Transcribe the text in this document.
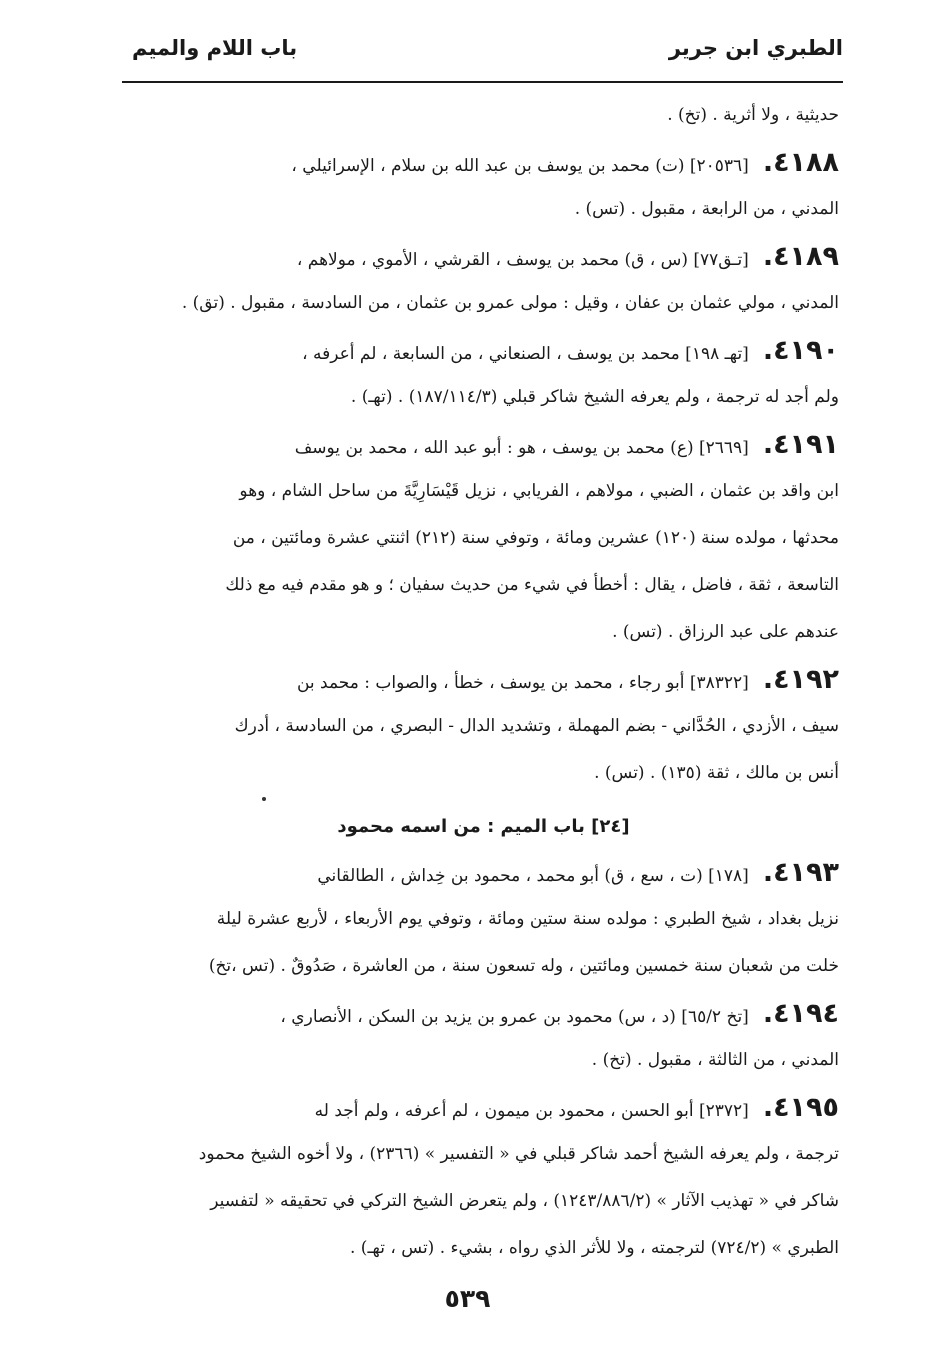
الطبري ابن جرير
باب اللام والميم
حديثية ، ولا أثرية . (تخ) .
٤١٨٨.[٢٠٥٣٦] (ت) محمد بن يوسف بن عبد الله بن سلام ، الإسرائيلي ،
المدني ، من الرابعة ، مقبول . (تس) .
٤١٨٩.[تـق٧٧] (س ، ق) محمد بن يوسف ، القرشي ، الأموي ، مولاهم ،
المدني ، مولي عثمان بن عفان ، وقيل : مولى عمرو بن عثمان ، من السادسة ، مقبول . (تق) .
٤١٩٠.[تهـ ١٩٨] محمد بن يوسف ، الصنعاني ، من السابعة ، لم أعرفه ،
ولم أجد له ترجمة ، ولم يعرفه الشيخ شاكر قبلي (١٨٧/١١٤/٣) . (تهـ) .
٤١٩١.[٢٦٦٩] (ع) محمد بن يوسف ، هو : أبو عبد الله ، محمد بن يوسف
ابن واقد بن عثمان ، الضبي ، مولاهم ، الفريابي ، نزيل قَيْسَارِيَّةَ من ساحل الشام ، وهو
محدثها ، مولده سنة (١٢٠) عشرين ومائة ، وتوفي سنة (٢١٢) اثنتي عشرة ومائتين ، من
التاسعة ، ثقة ، فاضل ، يقال : أخطأ في شيء من حديث سفيان ؛ و هو مقدم فيه مع ذلك
عندهم على عبد الرزاق . (تس) .
٤١٩٢.[٣٨٣٢٢] أبو رجاء ، محمد بن يوسف ، خطأ ، والصواب : محمد بن
سيف ، الأزدي ، الحُدَّاني - بضم المهملة ، وتشديد الدال - البصري ، من السادسة ، أدرك
أنس بن مالك ، ثقة (١٣٥) . (تس) .
[٢٤] باب الميم : من اسمه محمود
٤١٩٣.[١٧٨] (ت ، سع ، ق) أبو محمد ، محمود بن خِداش ، الطالقاني
نزيل بغداد ، شيخ الطبري : مولده سنة ستين ومائة ، وتوفي يوم الأربعاء ، لأربع عشرة ليلة
خلت من شعبان سنة خمسين ومائتين ، وله تسعون سنة ، من العاشرة ، صَدُوقٌ . (تس ،تخ)
٤١٩٤.[تخ ٦٥/٢] (د ، س) محمود بن عمرو بن يزيد بن السكن ، الأنصاري ،
المدني ، من الثالثة ، مقبول . (تخ) .
٤١٩٥.[٢٣٧٢] أبو الحسن ، محمود بن ميمون ، لم أعرفه ، ولم أجد له
ترجمة ، ولم يعرفه الشيخ أحمد شاكر قبلي في « التفسير » (٢٣٦٦) ، ولا أخوه الشيخ محمود
شاكر في « تهذيب الآثار » (١٢٤٣/٨٨٦/٢) ، ولم يتعرض الشيخ التركي في تحقيقه « لتفسير
الطبري » (٧٢٤/٢) لترجمته ، ولا للأثر الذي رواه ، بشيء . (تس ، تهـ) .
٥٣٩
